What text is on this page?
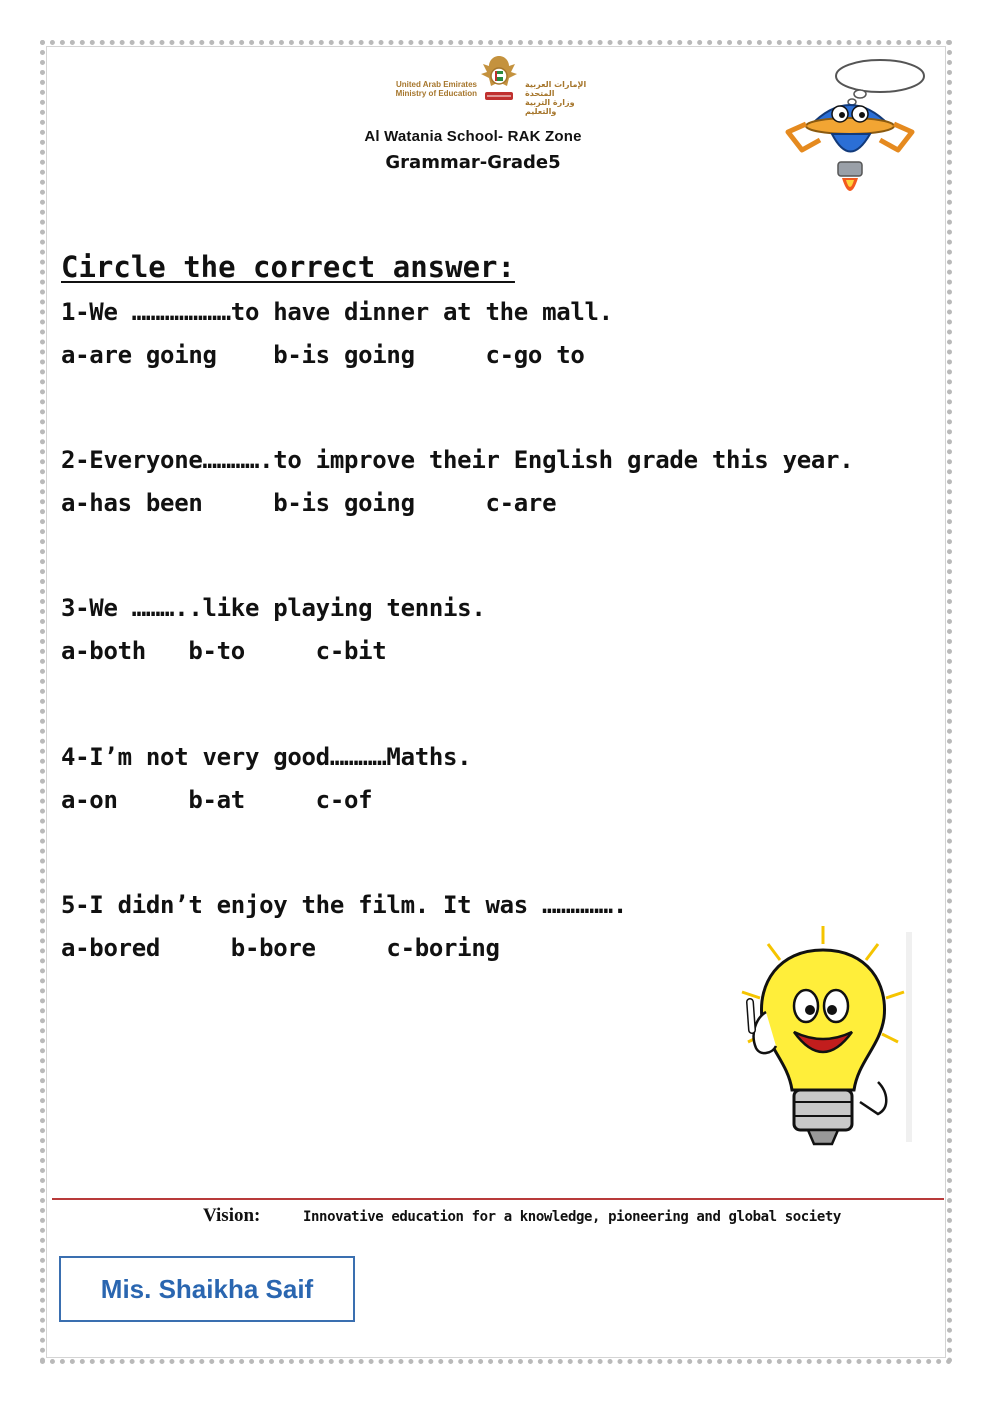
United Arab Emirates
Ministry of Education
الإمارات العربية المتحدة
وزارة التربية والتعليم
Al Watania School- RAK Zone
Grammar-Grade5
Circle the correct answer:
1-We …………………to have dinner at the mall.
a-are going    b-is going     c-go to
2-Everyone………….to improve their English grade this year.
a-has been     b-is going     c-are
3-We ………..like playing tennis.
a-both   b-to     c-bit
4-I’m not very good…………Maths.
a-on     b-at     c-of
5-I didn’t enjoy the film. It was …………….
a-bored     b-bore     c-boring
Vision:	Innovative education for a knowledge, pioneering and global society
Mis. Shaikha Saif
